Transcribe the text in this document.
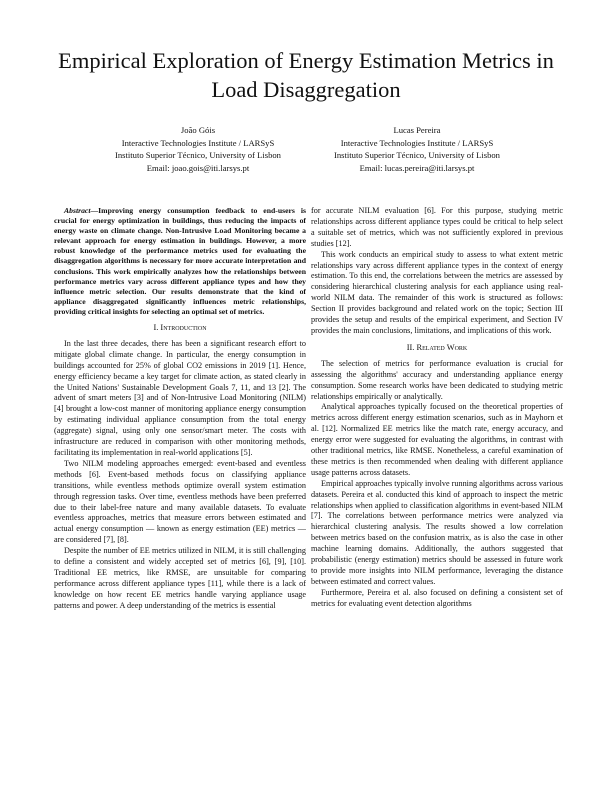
Empirical Exploration of Energy Estimation Metrics in Load Disaggregation
João Góis
Interactive Technologies Institute / LARSyS
Instituto Superior Técnico, University of Lisbon
Email: joao.gois@iti.larsys.pt
Lucas Pereira
Interactive Technologies Institute / LARSyS
Instituto Superior Técnico, University of Lisbon
Email: lucas.pereira@iti.larsys.pt

Abstract—Improving energy consumption feedback to end-users is crucial for energy optimization in buildings, thus reducing the impacts of energy waste on climate change. Non-Intrusive Load Monitoring became a relevant approach for energy estimation in buildings. However, a more robust knowledge of the performance metrics used for evaluating the disaggregation algorithms is necessary for more accurate interpretation and conclusions. This work empirically analyzes how the relationships between performance metrics vary across different appliance types and how they influence metric selection. Our results demonstrate that the kind of appliance disaggregated significantly influences metric relationships, providing critical insights for selecting an optimal set of metrics.

I. Introduction

In the last three decades, there has been a significant research effort to mitigate global climate change. In particular, the energy consumption in buildings accounted for 25% of global CO2 emissions in 2019 [1]. Hence, energy efficiency became a key target for climate action, as stated clearly in the United Nations' Sustainable Development Goals 7, 11, and 13 [2]. The advent of smart meters [3] and of Non-Intrusive Load Monitoring (NILM) [4] brought a low-cost manner of monitoring appliance energy consumption by estimating individual appliance consumption from the total energy (aggregate) signal, using only one sensor/smart meter. The costs with infrastructure are reduced in comparison with other monitoring methods, facilitating its implementation in real-world applications [5].

Two NILM modeling approaches emerged: event-based and eventless methods [6]. Event-based methods focus on classifying appliance transitions, while eventless methods optimize overall system estimation through regression tasks. Over time, eventless methods have been preferred due to their label-free nature and many available datasets. To evaluate eventless approaches, metrics that measure errors between estimated and actual energy consumption — known as energy estimation (EE) metrics — are considered [7], [8].

Despite the number of EE metrics utilized in NILM, it is still challenging to define a consistent and widely accepted set of metrics [6], [9], [10]. Traditional EE metrics, like RMSE, are unsuitable for comparing performance across different appliance types [11], while there is a lack of knowledge on how recent EE metrics handle varying appliance usage patterns and power. A deep understanding of the metrics is essential

for accurate NILM evaluation [6]. For this purpose, studying metric relationships across different appliance types could be critical to help select a suitable set of metrics, which was not sufficiently explored in previous studies [12].

This work conducts an empirical study to assess to what extent metric relationships vary across different appliance types in the context of energy estimation. To this end, the correlations between the metrics are assessed by considering hierarchical clustering analysis for each appliance using real-world NILM data. The remainder of this work is structured as follows: Section II provides background and related work on the topic; Section III provides the setup and results of the empirical experiment, and Section IV provides the main conclusions, limitations, and implications of this work.

II. Related Work

The selection of metrics for performance evaluation is crucial for assessing the algorithms' accuracy and understanding appliance energy consumption. Some research works have been dedicated to studying metric relationships empirically or analytically.

Analytical approaches typically focused on the theoretical properties of metrics across different energy estimation scenarios, such as in Mayhorn et al. [12]. Normalized EE metrics like the match rate, energy accuracy, and energy error were suggested for evaluating the algorithms, in contrast with other traditional metrics, like RMSE. Nonetheless, a careful examination of these metrics is then recommended when dealing with different appliance usage patterns across datasets.

Empirical approaches typically involve running algorithms across various datasets. Pereira et al. conducted this kind of approach to inspect the metric relationships when applied to classification algorithms in event-based NILM [7]. The correlations between performance metrics were analyzed via hierarchical clustering analysis. The results showed a low correlation between metrics based on the confusion matrix, as is also the case in other machine learning domains. Additionally, the authors suggested that probabilistic (energy estimation) metrics should be assessed in future work to provide more insights into NILM performance, leveraging the distance between estimated and correct values.

Furthermore, Pereira et al. also focused on defining a consistent set of metrics for evaluating event detection algorithms
